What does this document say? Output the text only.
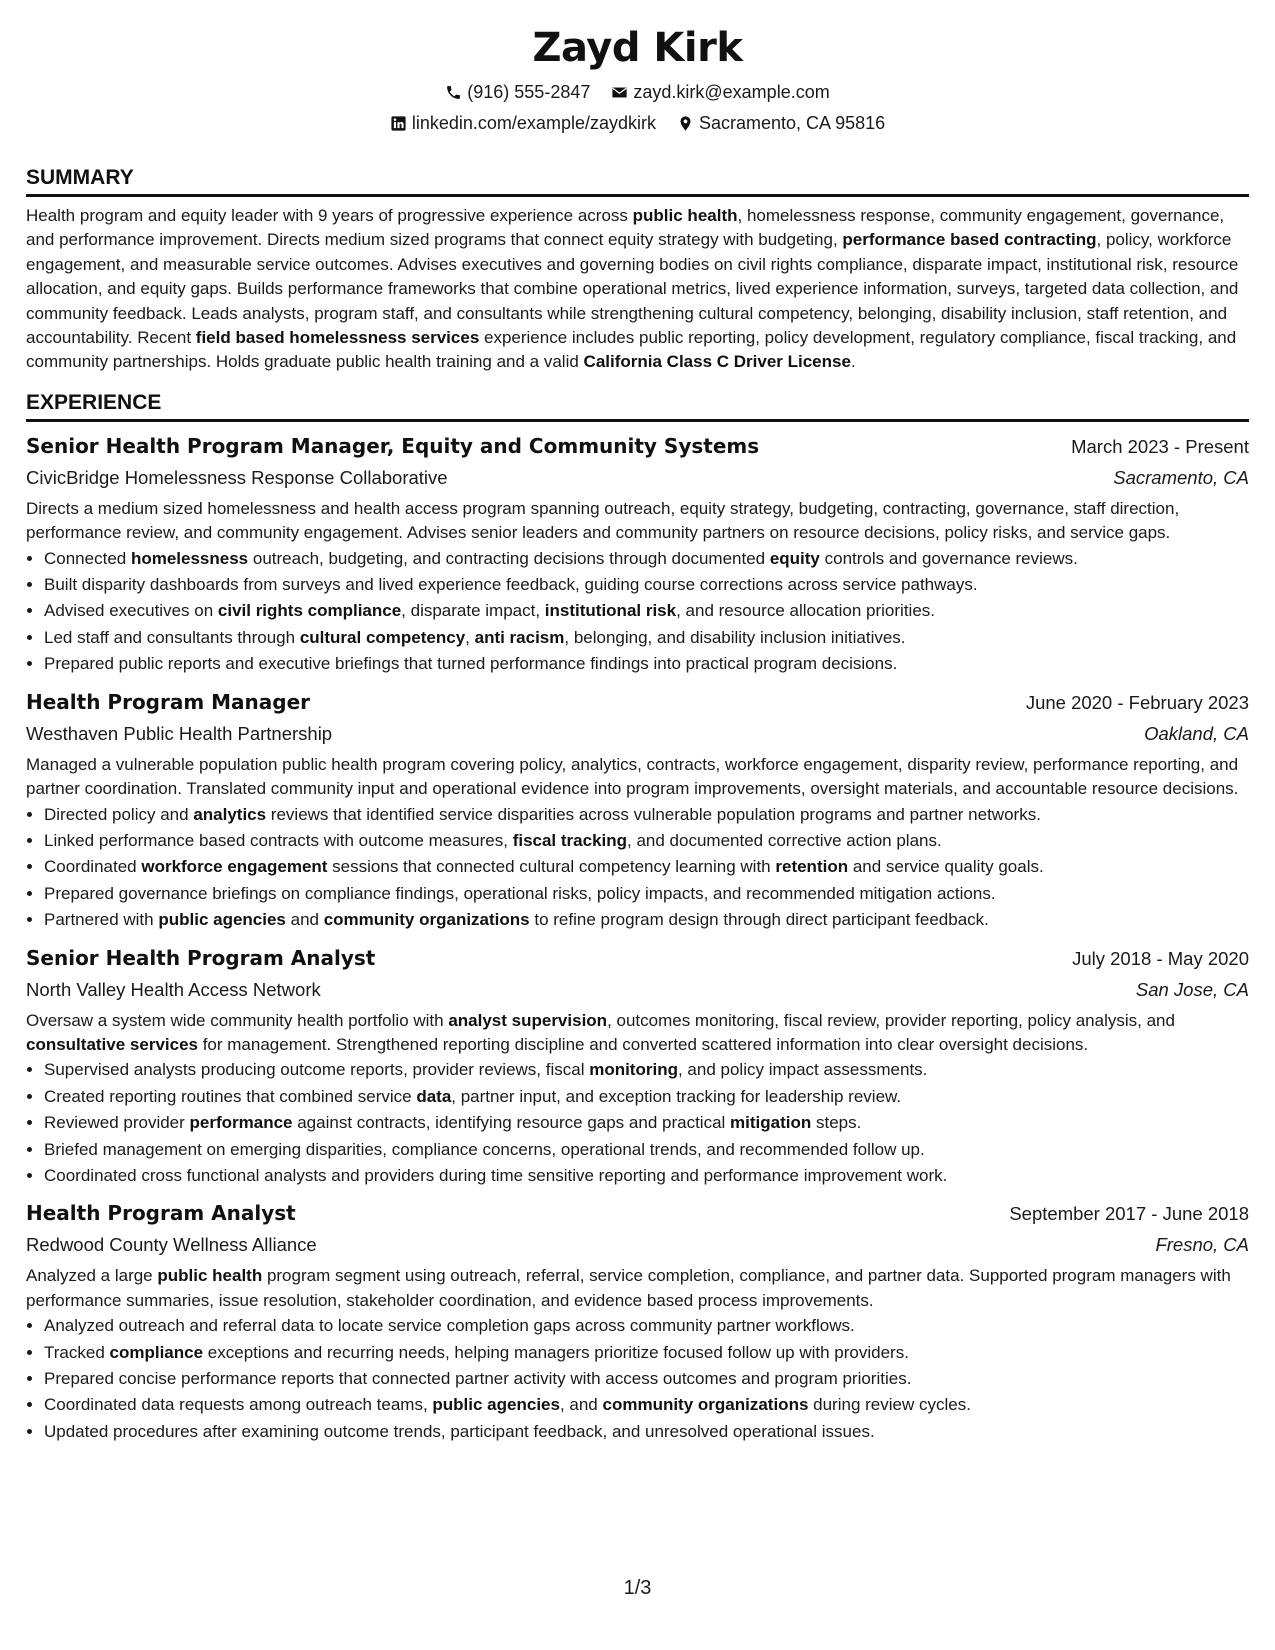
Zayd Kirk
(916) 555-2847
zayd.kirk@example.com
linkedin.com/example/zaydkirk
Sacramento, CA 95816
SUMMARY
Health program and equity leader with 9 years of progressive experience across public health, homelessness response, community engagement, governance, and performance improvement. Directs medium sized programs that connect equity strategy with budgeting, performance based contracting, policy, workforce engagement, and measurable service outcomes. Advises executives and governing bodies on civil rights compliance, disparate impact, institutional risk, resource allocation, and equity gaps. Builds performance frameworks that combine operational metrics, lived experience information, surveys, targeted data collection, and community feedback. Leads analysts, program staff, and consultants while strengthening cultural competency, belonging, disability inclusion, staff retention, and accountability. Recent field based homelessness services experience includes public reporting, policy development, regulatory compliance, fiscal tracking, and community partnerships. Holds graduate public health training and a valid California Class C Driver License.
EXPERIENCE
Senior Health Program Manager, Equity and Community Systems	March 2023 - Present
CivicBridge Homelessness Response Collaborative	Sacramento, CA
Directs a medium sized homelessness and health access program spanning outreach, equity strategy, budgeting, contracting, governance, staff direction, performance review, and community engagement. Advises senior leaders and community partners on resource decisions, policy risks, and service gaps.
• Connected homelessness outreach, budgeting, and contracting decisions through documented equity controls and governance reviews.
• Built disparity dashboards from surveys and lived experience feedback, guiding course corrections across service pathways.
• Advised executives on civil rights compliance, disparate impact, institutional risk, and resource allocation priorities.
• Led staff and consultants through cultural competency, anti racism, belonging, and disability inclusion initiatives.
• Prepared public reports and executive briefings that turned performance findings into practical program decisions.
Health Program Manager	June 2020 - February 2023
Westhaven Public Health Partnership	Oakland, CA
Managed a vulnerable population public health program covering policy, analytics, contracts, workforce engagement, disparity review, performance reporting, and partner coordination. Translated community input and operational evidence into program improvements, oversight materials, and accountable resource decisions.
• Directed policy and analytics reviews that identified service disparities across vulnerable population programs and partner networks.
• Linked performance based contracts with outcome measures, fiscal tracking, and documented corrective action plans.
• Coordinated workforce engagement sessions that connected cultural competency learning with retention and service quality goals.
• Prepared governance briefings on compliance findings, operational risks, policy impacts, and recommended mitigation actions.
• Partnered with public agencies and community organizations to refine program design through direct participant feedback.
Senior Health Program Analyst	July 2018 - May 2020
North Valley Health Access Network	San Jose, CA
Oversaw a system wide community health portfolio with analyst supervision, outcomes monitoring, fiscal review, provider reporting, policy analysis, and consultative services for management. Strengthened reporting discipline and converted scattered information into clear oversight decisions.
• Supervised analysts producing outcome reports, provider reviews, fiscal monitoring, and policy impact assessments.
• Created reporting routines that combined service data, partner input, and exception tracking for leadership review.
• Reviewed provider performance against contracts, identifying resource gaps and practical mitigation steps.
• Briefed management on emerging disparities, compliance concerns, operational trends, and recommended follow up.
• Coordinated cross functional analysts and providers during time sensitive reporting and performance improvement work.
Health Program Analyst	September 2017 - June 2018
Redwood County Wellness Alliance	Fresno, CA
Analyzed a large public health program segment using outreach, referral, service completion, compliance, and partner data. Supported program managers with performance summaries, issue resolution, stakeholder coordination, and evidence based process improvements.
• Analyzed outreach and referral data to locate service completion gaps across community partner workflows.
• Tracked compliance exceptions and recurring needs, helping managers prioritize focused follow up with providers.
• Prepared concise performance reports that connected partner activity with access outcomes and program priorities.
• Coordinated data requests among outreach teams, public agencies, and community organizations during review cycles.
• Updated procedures after examining outcome trends, participant feedback, and unresolved operational issues.
1/3
